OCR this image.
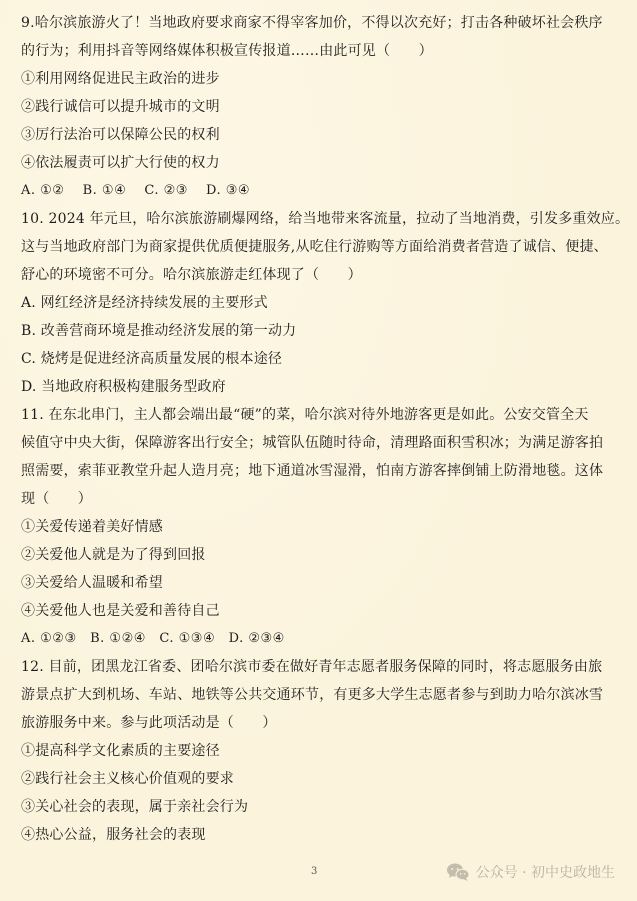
9.哈尔滨旅游火了！当地政府要求商家不得宰客加价，不得以次充好；打击各种破坏社会秩序
的行为；利用抖音等网络媒体积极宣传报道……由此可见（　　）
①利用网络促进民主政治的进步
②践行诚信可以提升城市的文明
③厉行法治可以保障公民的权利
④依法履责可以扩大行使的权力
A. ①②　 B. ①④　 C. ②③　 D. ③④
10. 2024 年元旦，哈尔滨旅游刷爆网络，给当地带来客流量，拉动了当地消费，引发多重效应。
这与当地政府部门为商家提供优质便捷服务,从吃住行游购等方面给消费者营造了诚信、便捷、
舒心的环境密不可分。哈尔滨旅游走红体现了（　　）
A. 网红经济是经济持续发展的主要形式
B. 改善营商环境是推动经济发展的第一动力
C. 烧烤是促进经济高质量发展的根本途径
D. 当地政府积极构建服务型政府
11. 在东北串门，主人都会端出最“硬”的菜，哈尔滨对待外地游客更是如此。公安交管全天
候值守中央大街，保障游客出行安全；城管队伍随时待命，清理路面积雪积冰；为满足游客拍
照需要，索菲亚教堂升起人造月亮；地下通道冰雪湿滑，怕南方游客摔倒铺上防滑地毯。这体
现（　　）
①关爱传递着美好情感
②关爱他人就是为了得到回报
③关爱给人温暖和希望
④关爱他人也是关爱和善待自己
A. ①②③　B. ①②④　C. ①③④　D. ②③④
12. 目前，团黑龙江省委、团哈尔滨市委在做好青年志愿者服务保障的同时，将志愿服务由旅
游景点扩大到机场、车站、地铁等公共交通环节，有更多大学生志愿者参与到助力哈尔滨冰雪
旅游服务中来。参与此项活动是（　　）
①提高科学文化素质的主要途径
②践行社会主义核心价值观的要求
③关心社会的表现，属于亲社会行为
④热心公益，服务社会的表现
3	公众号 · 初中史政地生
